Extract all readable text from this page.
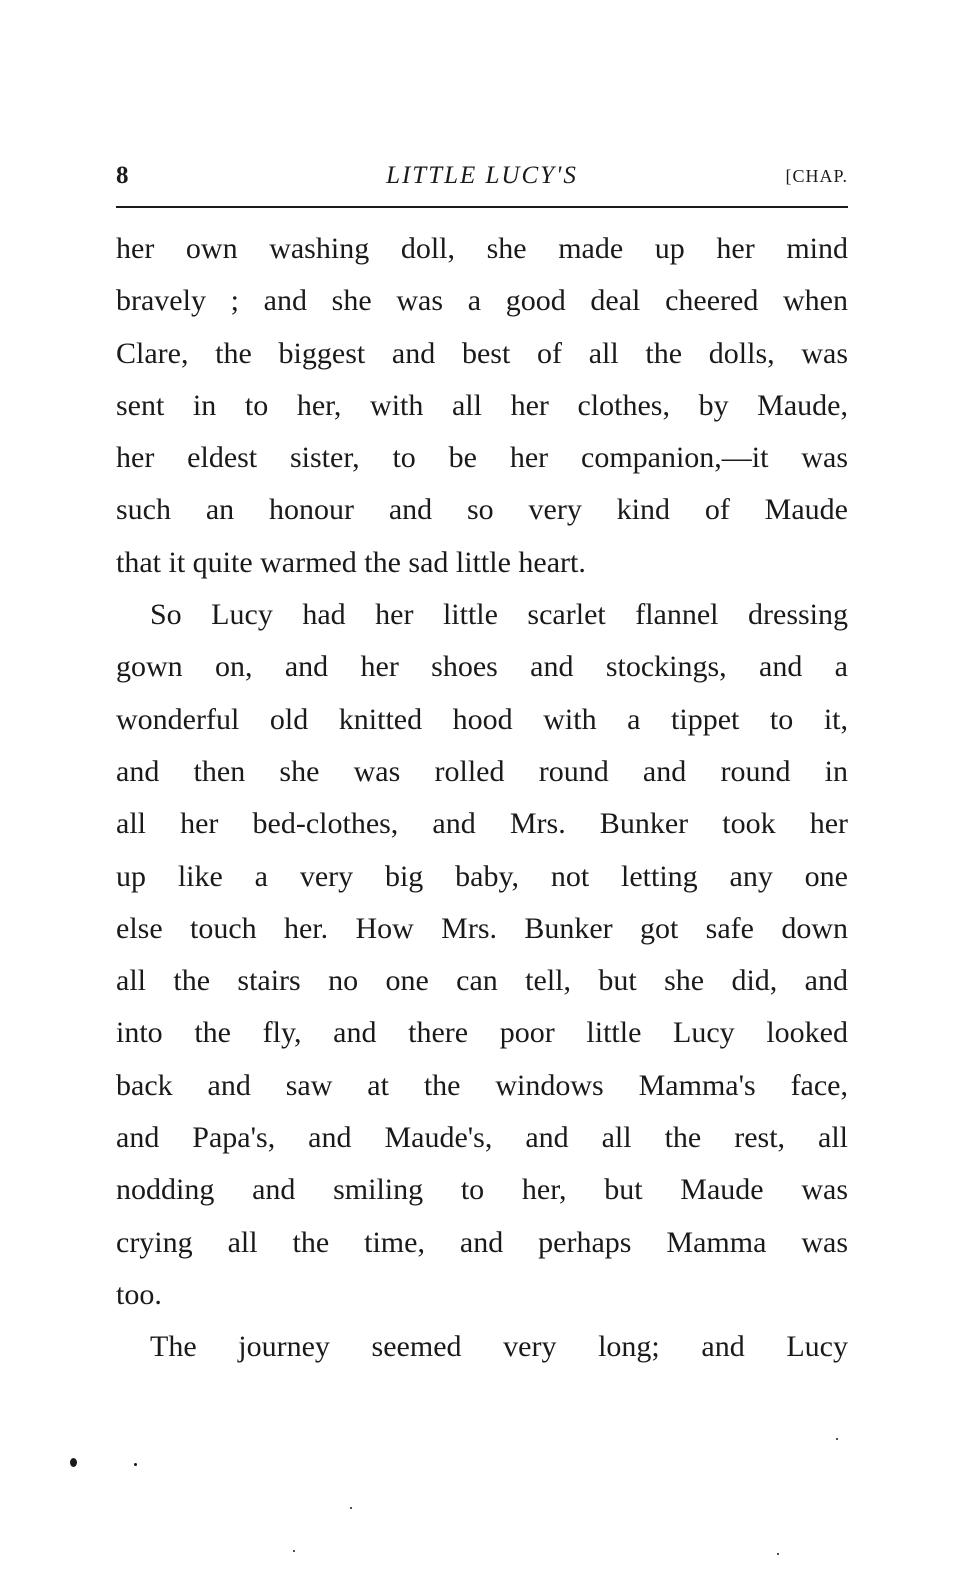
8	LITTLE LUCY'S	[CHAP.
her own washing doll, she made up her mind
bravely ; and she was a good deal cheered when
Clare, the biggest and best of all the dolls, was
sent in to her, with all her clothes, by Maude,
her eldest sister, to be her companion,—it was
such an honour and so very kind of Maude
that it quite warmed the sad little heart.
So Lucy had her little scarlet flannel dressing
gown on, and her shoes and stockings, and a
wonderful old knitted hood with a tippet to it,
and then she was rolled round and round in
all her bed-clothes, and Mrs. Bunker took her
up like a very big baby, not letting any one
else touch her. How Mrs. Bunker got safe down
all the stairs no one can tell, but she did, and
into the fly, and there poor little Lucy looked
back and saw at the windows Mamma's face,
and Papa's, and Maude's, and all the rest, all
nodding and smiling to her, but Maude was
crying all the time, and perhaps Mamma was
too.
The journey seemed very long; and Lucy
